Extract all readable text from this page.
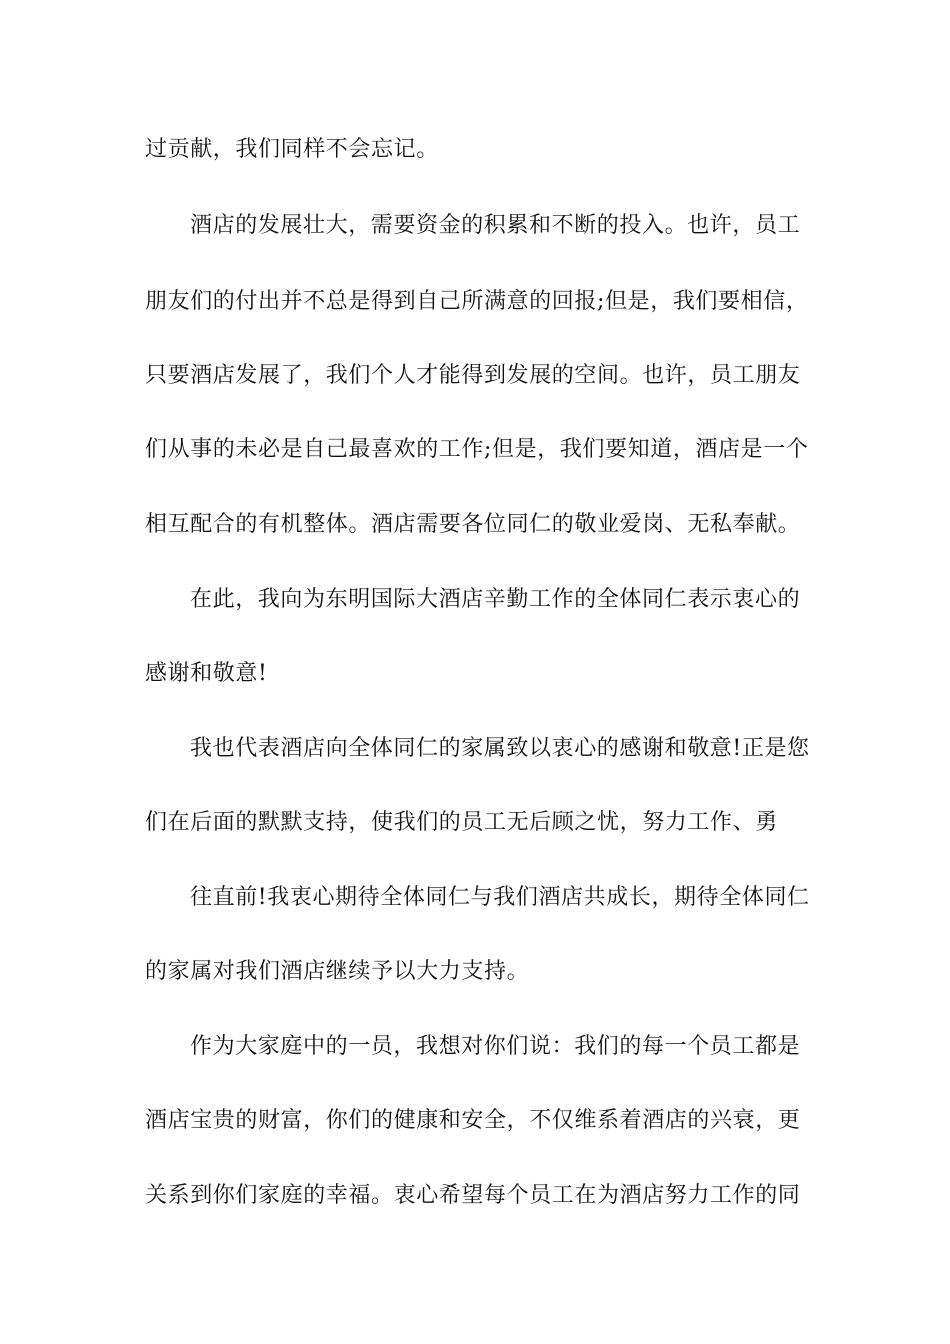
过贡献，我们同样不会忘记。
酒店的发展壮大，需要资金的积累和不断的投入。也许，员工
朋友们的付出并不总是得到自己所满意的回报;但是，我们要相信，
只要酒店发展了，我们个人才能得到发展的空间。也许，员工朋友
们从事的未必是自己最喜欢的工作;但是，我们要知道，酒店是一个
相互配合的有机整体。酒店需要各位同仁的敬业爱岗、无私奉献。
在此，我向为东明国际大酒店辛勤工作的全体同仁表示衷心的
感谢和敬意!
我也代表酒店向全体同仁的家属致以衷心的感谢和敬意!正是您
们在后面的默默支持，使我们的员工无后顾之忧，努力工作、勇
往直前!我衷心期待全体同仁与我们酒店共成长，期待全体同仁
的家属对我们酒店继续予以大力支持。
作为大家庭中的一员，我想对你们说：我们的每一个员工都是
酒店宝贵的财富，你们的健康和安全，不仅维系着酒店的兴衰，更
关系到你们家庭的幸福。衷心希望每个员工在为酒店努力工作的同
